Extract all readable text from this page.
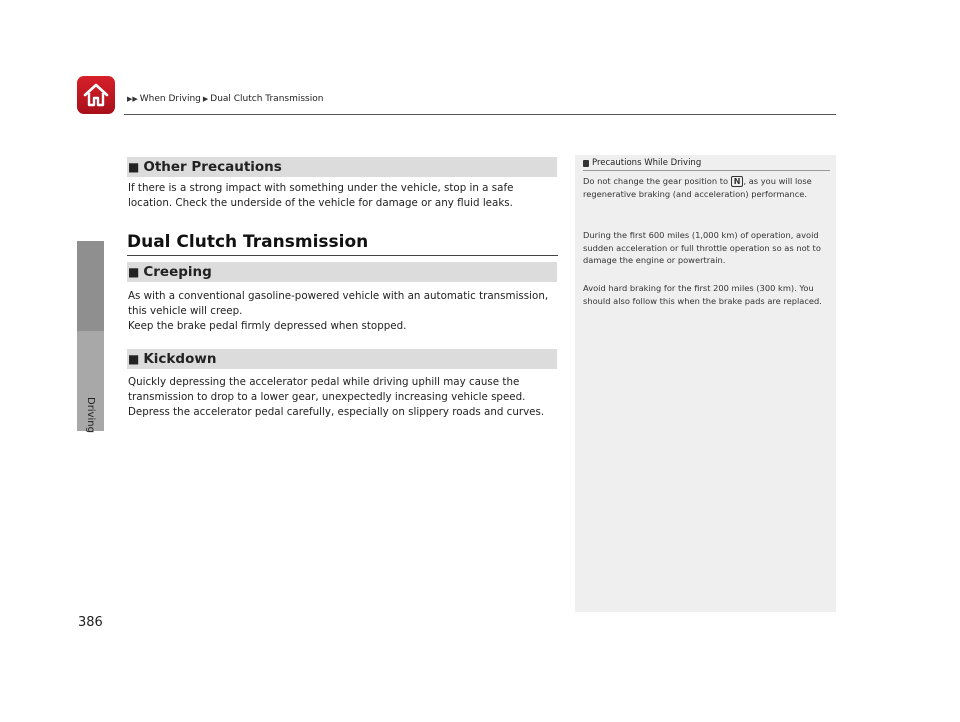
▶▶ When Driving ▶ Dual Clutch Transmission
Driving
■ Other Precautions
If there is a strong impact with something under the vehicle, stop in a safe location. Check the underside of the vehicle for damage or any fluid leaks.
Dual Clutch Transmission
■ Creeping
As with a conventional gasoline-powered vehicle with an automatic transmission, this vehicle will creep.
Keep the brake pedal firmly depressed when stopped.
■ Kickdown
Quickly depressing the accelerator pedal while driving uphill may cause the transmission to drop to a lower gear, unexpectedly increasing vehicle speed. Depress the accelerator pedal carefully, especially on slippery roads and curves.
Precautions While Driving
Do not change the gear position to N , as you will lose regenerative braking (and acceleration) performance.
During the first 600 miles (1,000 km) of operation, avoid sudden acceleration or full throttle operation so as not to damage the engine or powertrain.
Avoid hard braking for the first 200 miles (300 km). You should also follow this when the brake pads are replaced.
386
